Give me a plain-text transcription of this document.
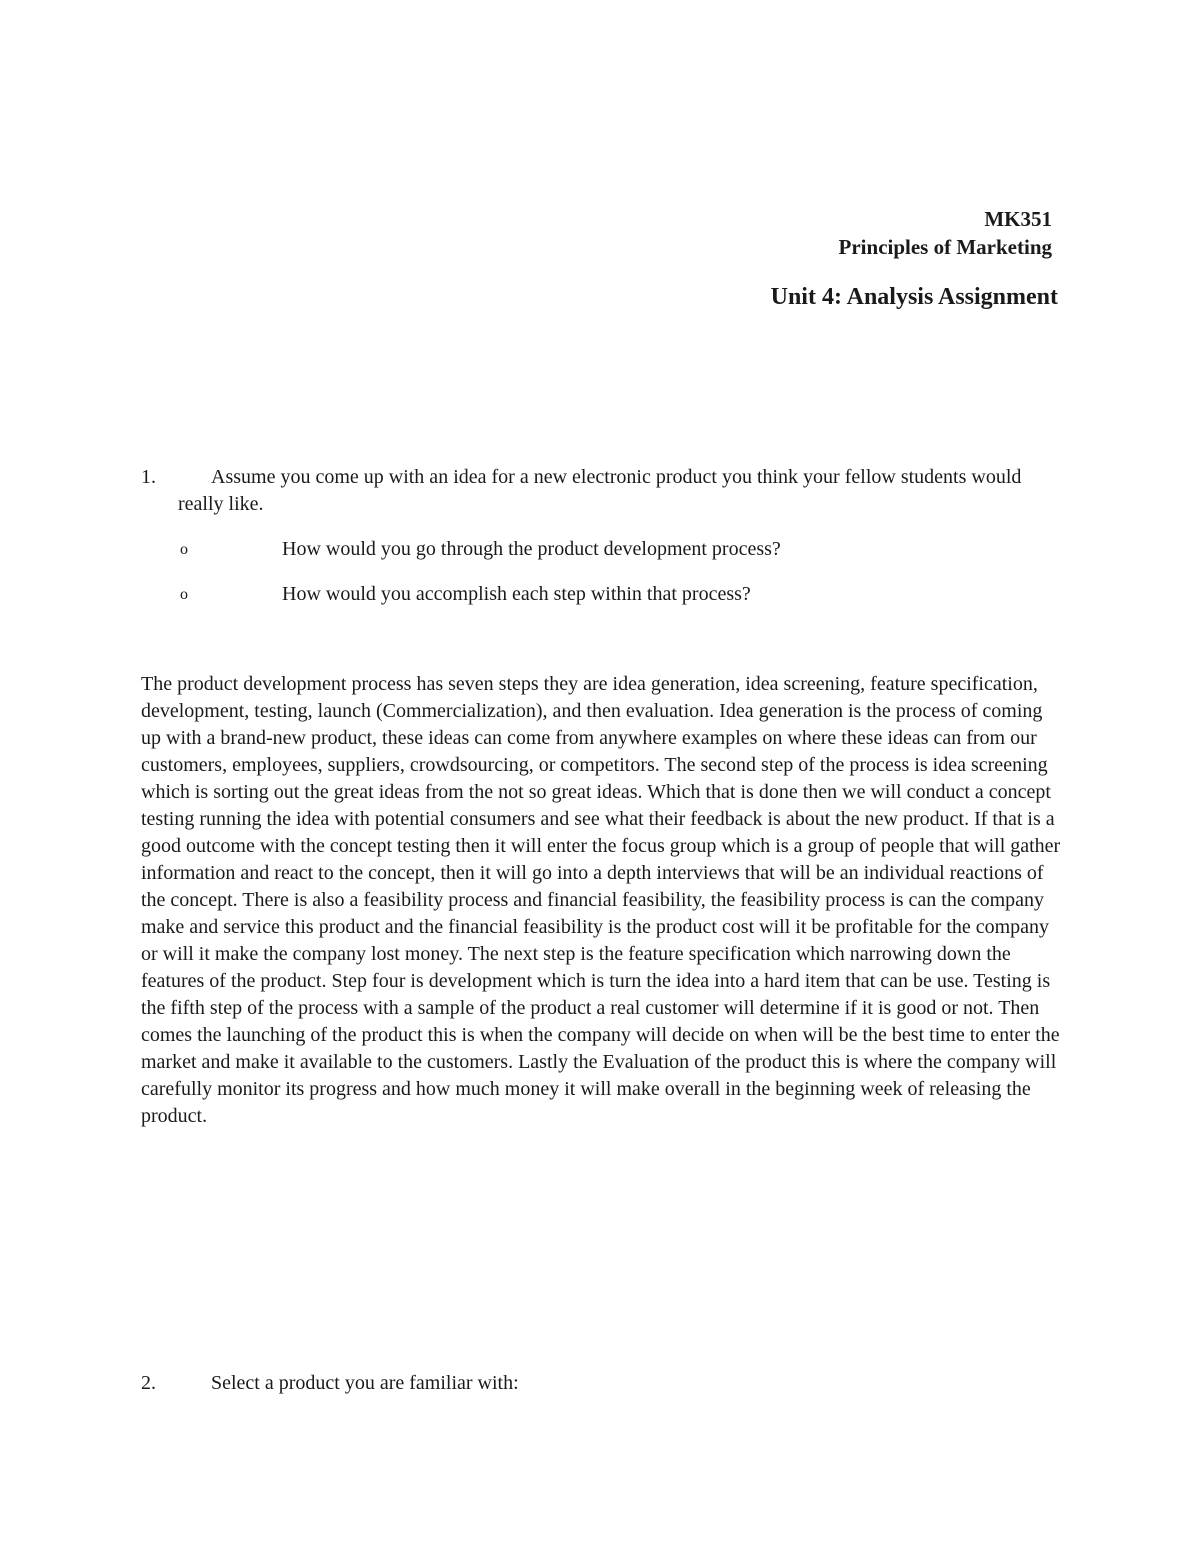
MK351
Principles of Marketing
Unit 4: Analysis Assignment
1.	Assume you come up with an idea for a new electronic product you think your fellow students would really like.
o	How would you go through the product development process?
o	How would you accomplish each step within that process?

The product development process has seven steps they are idea generation, idea screening, feature specification, development, testing, launch (Commercialization), and then evaluation. Idea generation is the process of coming up with a brand-new product, these ideas can come from anywhere examples on where these ideas can from our customers, employees, suppliers, crowdsourcing, or competitors. The second step of the process is idea screening which is sorting out the great ideas from the not so great ideas. Which that is done then we will conduct a concept testing running the idea with potential consumers and see what their feedback is about the new product. If that is a good outcome with the concept testing then it will enter the focus group which is a group of people that will gather information and react to the concept, then it will go into a depth interviews that will be an individual reactions of the concept. There is also a feasibility process and financial feasibility, the feasibility process is can the company make and service this product and the financial feasibility is the product cost will it be profitable for the company or will it make the company lost money. The next step is the feature specification which narrowing down the features of the product. Step four is development which is turn the idea into a hard item that can be use. Testing is the fifth step of the process with a sample of the product a real customer will determine if it is good or not. Then comes the launching of the product this is when the company will decide on when will be the best time to enter the market and make it available to the customers. Lastly the Evaluation of the product this is where the company will carefully monitor its progress and how much money it will make overall in the beginning week of releasing the product.

2.	Select a product you are familiar with:
